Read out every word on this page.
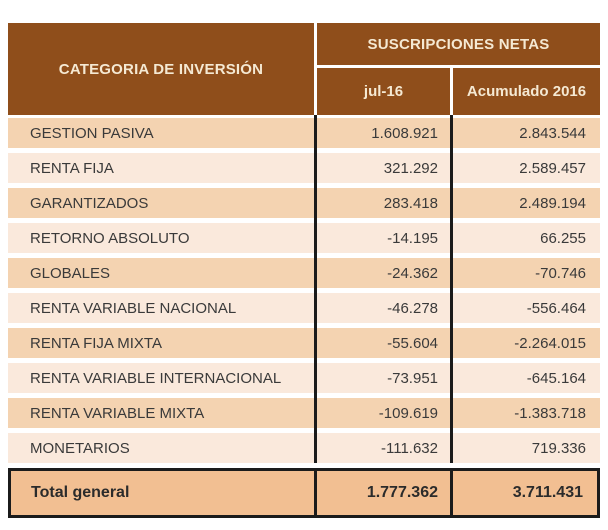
CATEGORIA DE INVERSIÓN
SUSCRIPCIONES NETAS
jul-16	Acumulado 2016
GESTION PASIVA	1.608.921	2.843.544
RENTA FIJA	321.292	2.589.457
GARANTIZADOS	283.418	2.489.194
RETORNO ABSOLUTO	-14.195	66.255
GLOBALES	-24.362	-70.746
RENTA VARIABLE NACIONAL	-46.278	-556.464
RENTA FIJA MIXTA	-55.604	-2.264.015
RENTA VARIABLE INTERNACIONAL	-73.951	-645.164
RENTA VARIABLE MIXTA	-109.619	-1.383.718
MONETARIOS	-111.632	719.336
Total general	1.777.362	3.711.431
